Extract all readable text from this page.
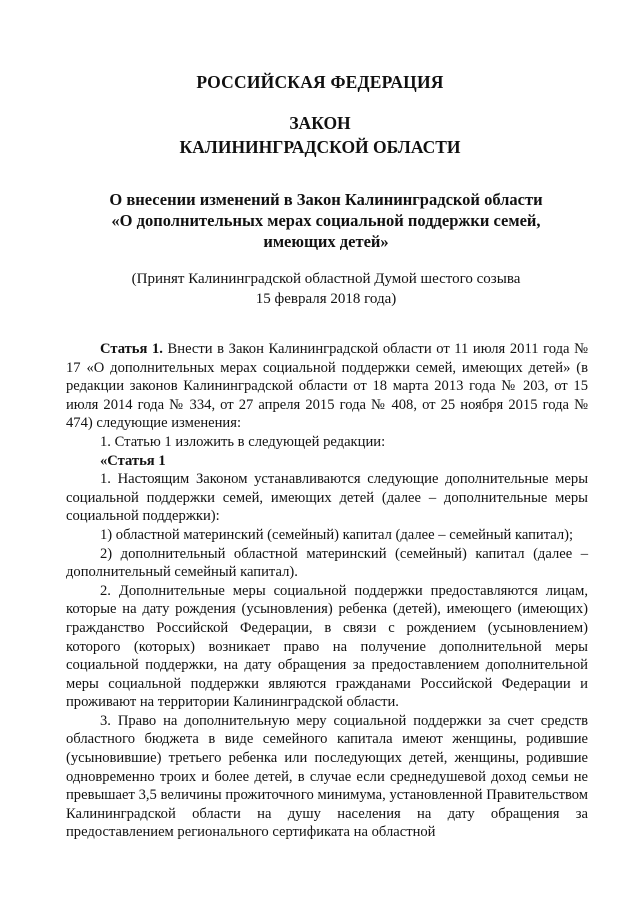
РОССИЙСКАЯ ФЕДЕРАЦИЯ
ЗАКОН
КАЛИНИНГРАДСКОЙ ОБЛАСТИ
О внесении изменений в Закон Калининградской области
«О дополнительных мерах социальной поддержки семей,
имеющих детей»
(Принят Калининградской областной Думой шестого созыва
15 февраля 2018 года)

Статья 1. Внести в Закон Калининградской области от 11 июля 2011 года № 17 «О дополнительных мерах социальной поддержки семей, имеющих детей» (в редакции законов Калининградской области от 18 марта 2013 года № 203, от 15 июля 2014 года № 334, от 27 апреля 2015 года № 408, от 25 ноября 2015 года № 474) следующие изменения:

1. Статью 1 изложить в следующей редакции:

«Статья 1

1. Настоящим Законом устанавливаются следующие дополнительные меры социальной поддержки семей, имеющих детей (далее – дополнительные меры социальной поддержки):

1) областной материнский (семейный) капитал (далее – семейный капитал);

2) дополнительный областной материнский (семейный) капитал (далее – дополнительный семейный капитал).

2. Дополнительные меры социальной поддержки предоставляются лицам, которые на дату рождения (усыновления) ребенка (детей), имеющего (имеющих) гражданство Российской Федерации, в связи с рождением (усыновлением) которого (которых) возникает право на получение дополнительной меры социальной поддержки, на дату обращения за предоставлением дополнительной меры социальной поддержки являются гражданами Российской Федерации и проживают на территории Калининградской области.

3. Право на дополнительную меру социальной поддержки за счет средств областного бюджета в виде семейного капитала имеют женщины, родившие (усыновившие) третьего ребенка или последующих детей, женщины, родившие одновременно троих и более детей, в случае если среднедушевой доход семьи не превышает 3,5 величины прожиточного минимума, установленной Правительством Калининградской области на душу населения на дату обращения за предоставлением регионального сертификата на областной
